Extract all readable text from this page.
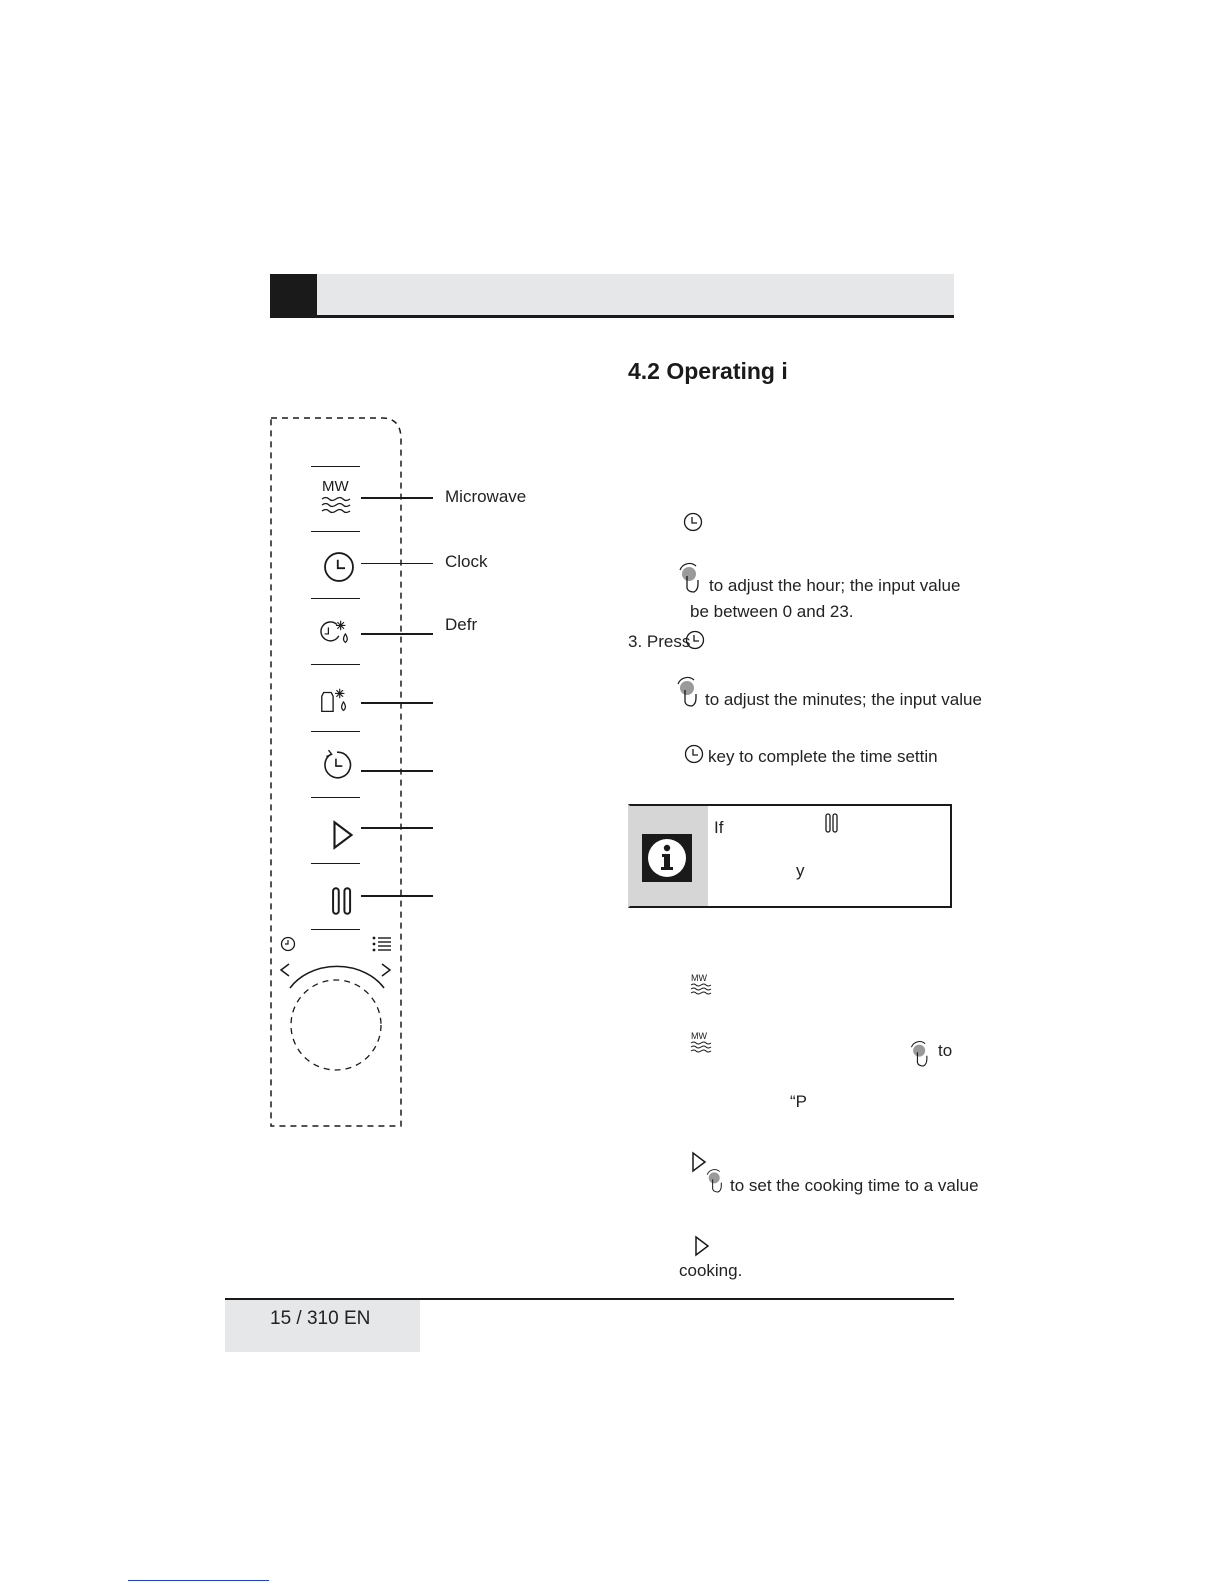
4.2 Operating i
MW
Microwave
Clock
Defr
to adjust the hour; the input value
be between 0 and 23.
3. Press
to adjust the minutes; the input value
key to complete the time settin
If
y
MW
MW
to
“P
to set the cooking time to a value
cooking.
15 / 310 EN
